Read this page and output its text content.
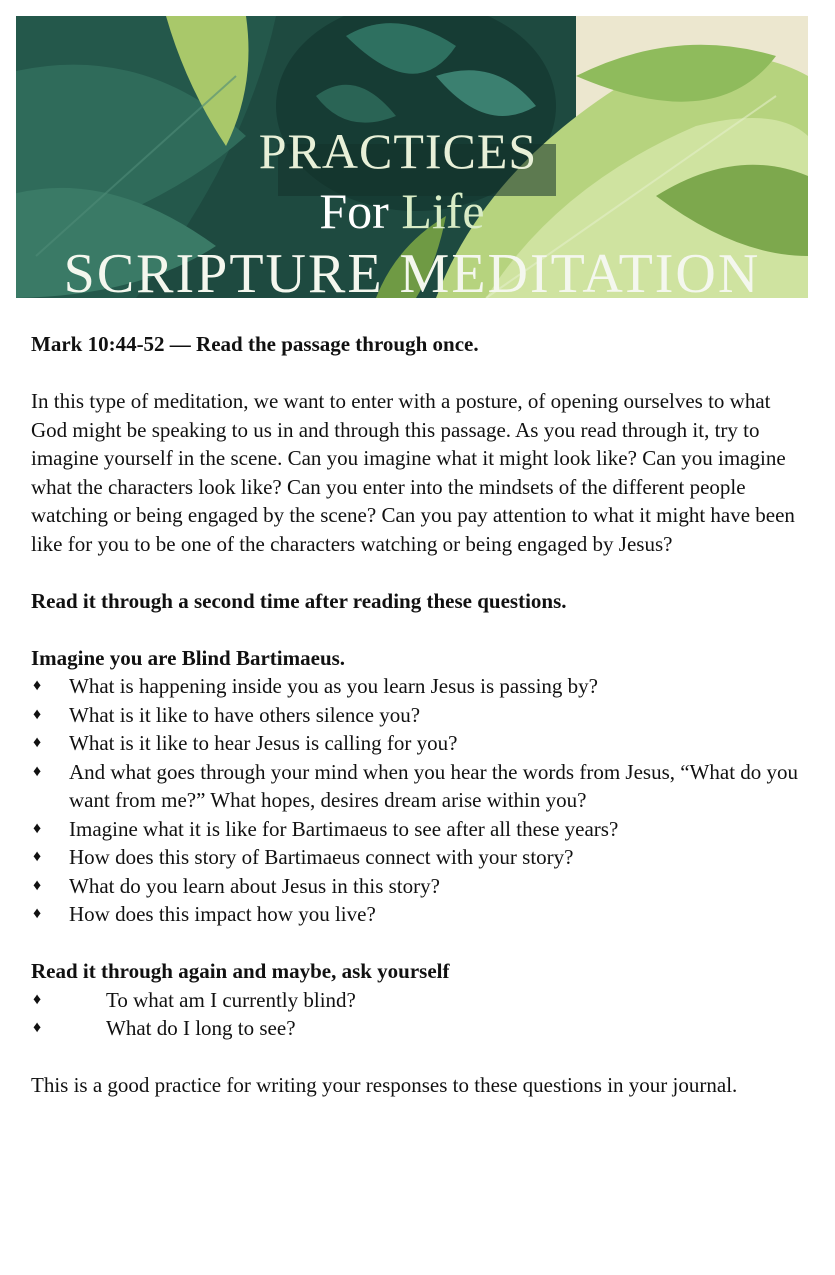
PRACTICES
For Life
SCRIPTURE MEDITATION

Mark 10:44-52 — Read the passage through once.

In this type of meditation, we want to enter with a posture, of opening ourselves to what God might be speaking to us in and through this passage. As you read through it, try to imagine yourself in the scene. Can you imagine what it might look like? Can you imagine what the characters look like? Can you enter into the mindsets of the different people watching or being engaged by the scene? Can you pay attention to what it might have been like for you to be one of the characters watching or being engaged by Jesus?

Read it through a second time after reading these questions.

Imagine you are Blind Bartimaeus.

♦ What is happening inside you as you learn Jesus is passing by?
♦ What is it like to have others silence you?
♦ What is it like to hear Jesus is calling for you?
♦ And what goes through your mind when you hear the words from Jesus, “What do you want from me?” What hopes, desires dream arise within you?
♦ Imagine what it is like for Bartimaeus to see after all these years?
♦ How does this story of Bartimaeus connect with your story?
♦ What do you learn about Jesus in this story?
♦ How does this impact how you live?

Read it through again and maybe, ask yourself

♦	To what am I currently blind?
♦	What do I long to see?

This is a good practice for writing your responses to these questions in your journal.
